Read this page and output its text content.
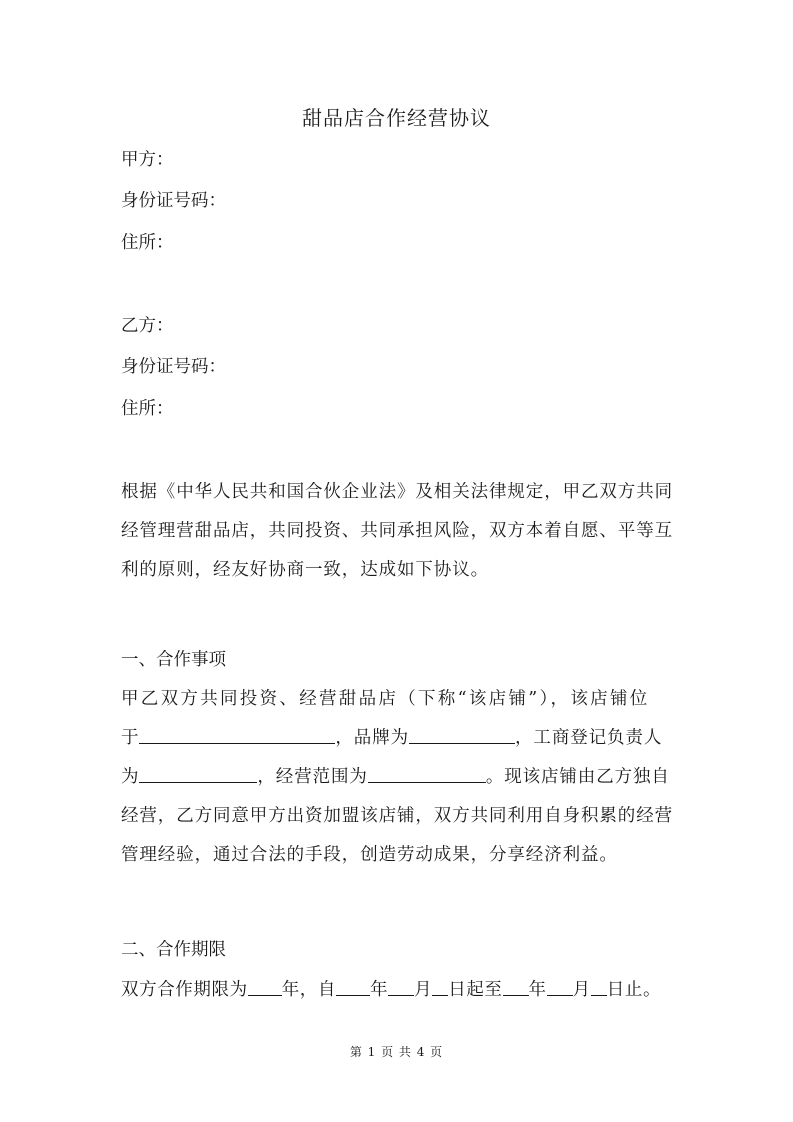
甜品店合作经营协议
甲方：
身份证号码：
住所：
乙方：
身份证号码：
住所：
根据《中华人民共和国合伙企业法》及相关法律规定，甲乙双方共同
经管理营甜品店，共同投资、共同承担风险，双方本着自愿、平等互
利的原则，经友好协商一致，达成如下协议。
一、合作事项
甲乙双方共同投资、经营甜品店（下称“该店铺”），该店铺位
于	，品牌为	，工商登记负责人
为	，经营范围为	。现该店铺由乙方独自
经营，乙方同意甲方出资加盟该店铺，双方共同利用自身积累的经营
管理经验，通过合法的手段，创造劳动成果，分享经济利益。
二、合作期限
双方合作期限为 年，自 年 月 日起至 年 月 日止。
第 1 页 共 4 页
